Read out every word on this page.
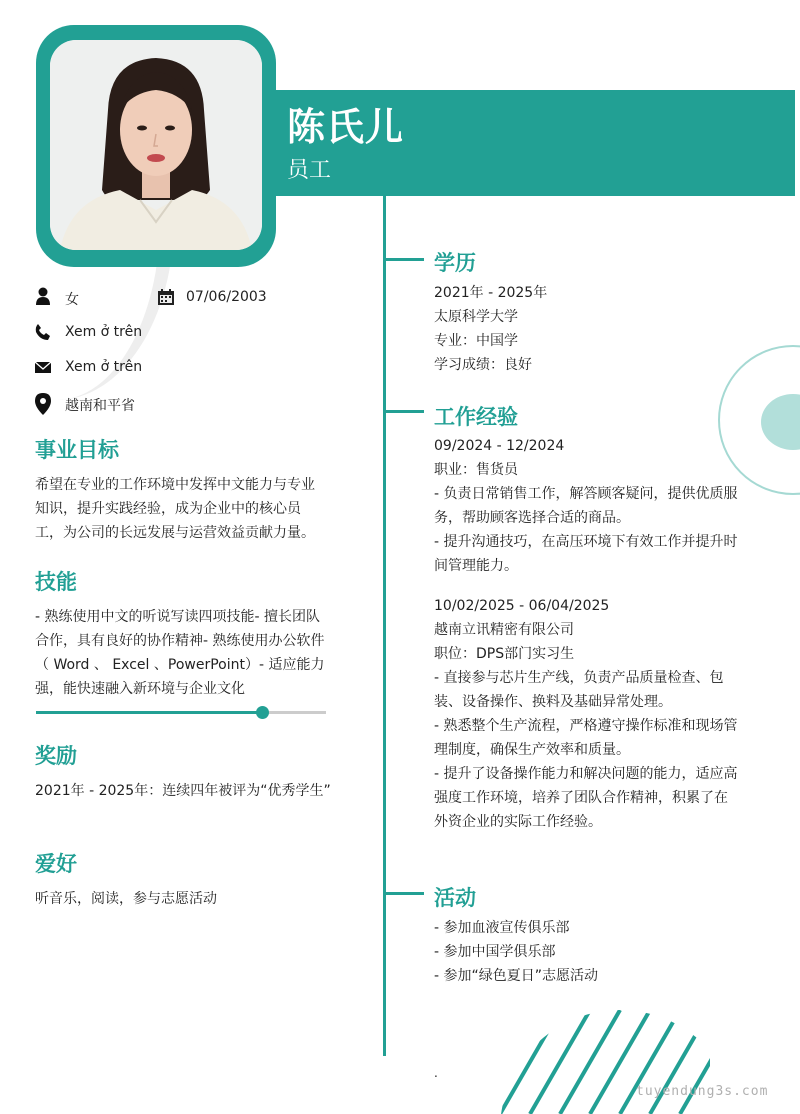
陈氏儿
员工
女	07/06/2003
Xem ở trên
Xem ở trên
越南和平省
事业目标
希望在专业的工作环境中发挥中文能力与专业
知识，提升实践经验，成为企业中的核心员
工，为公司的长远发展与运营效益贡献力量。
技能
- 熟练使用中文的听说写读四项技能- 擅长团队
合作，具有良好的协作精神- 熟练使用办公软件
（ Word 、 Excel 、PowerPoint）- 适应能力
强，能快速融入新环境与企业文化
奖励
2021年 - 2025年：连续四年被评为“优秀学生”
爱好
听音乐，阅读，参与志愿活动
学历
2021年 - 2025年
太原科学大学
专业：中国学
学习成绩：良好
工作经验
09/2024 - 12/2024
职业：售货员
- 负责日常销售工作，解答顾客疑问，提供优质服
务，帮助顾客选择合适的商品。
- 提升沟通技巧，在高压环境下有效工作并提升时
间管理能力。
10/02/2025 - 06/04/2025
越南立讯精密有限公司
职位：DPS部门实习生
- 直接参与芯片生产线，负责产品质量检查、包
装、设备操作、换料及基础异常处理。
- 熟悉整个生产流程，严格遵守操作标准和现场管
理制度，确保生产效率和质量。
- 提升了设备操作能力和解决问题的能力，适应高
强度工作环境，培养了团队合作精神，积累了在
外资企业的实际工作经验。
活动
- 参加血液宣传俱乐部
- 参加中国学俱乐部
- 参加“绿色夏日”志愿活动
.
tuyendung3s.com
